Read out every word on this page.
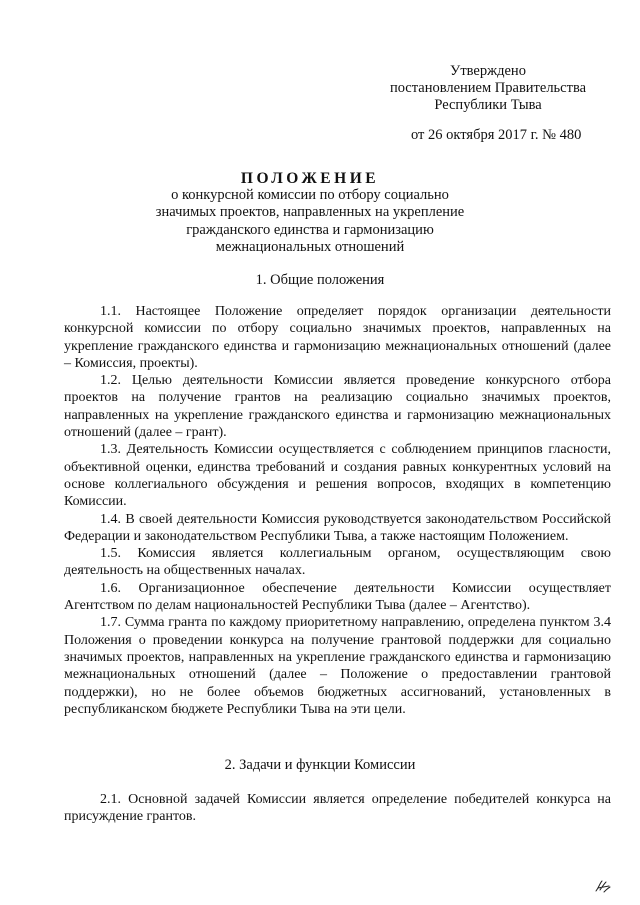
Утверждено
постановлением Правительства
Республики Тыва
от 26 октября 2017 г. № 480
ПОЛОЖЕНИЕ
о конкурсной комиссии по отбору социально
значимых проектов, направленных на укрепление
гражданского единства и гармонизацию
межнациональных отношений
1. Общие положения

1.1. Настоящее Положение определяет порядок организации деятельности конкурсной комиссии по отбору социально значимых проектов, направленных на укрепление гражданского единства и гармонизацию межнациональных отношений (далее – Комиссия, проекты).

1.2. Целью деятельности Комиссии является проведение конкурсного отбора проектов на получение грантов на реализацию социально значимых проектов, направленных на укрепление гражданского единства и гармонизацию межнациональных отношений (далее – грант).

1.3. Деятельность Комиссии осуществляется с соблюдением принципов гласности, объективной оценки, единства требований и создания равных конкурентных условий на основе коллегиального обсуждения и решения вопросов, входящих в компетенцию Комиссии.

1.4. В своей деятельности Комиссия руководствуется законодательством Российской Федерации и законодательством Республики Тыва, а также настоящим Положением.

1.5. Комиссия является коллегиальным органом, осуществляющим свою деятельность на общественных началах.

1.6. Организационное обеспечение деятельности Комиссии осуществляет Агентством по делам национальностей Республики Тыва (далее – Агентство).

1.7. Сумма гранта по каждому приоритетному направлению, определена пунктом 3.4 Положения о проведении конкурса на получение грантовой поддержки для социально значимых проектов, направленных на укрепление гражданского единства и гармонизацию межнациональных отношений (далее – Положение о предоставлении грантовой поддержки), но не более объемов бюджетных ассигнований, установленных в республиканском бюджете Республики Тыва на эти цели.

2. Задачи и функции Комиссии

2.1. Основной задачей Комиссии является определение победителей конкурса на присуждение грантов.
